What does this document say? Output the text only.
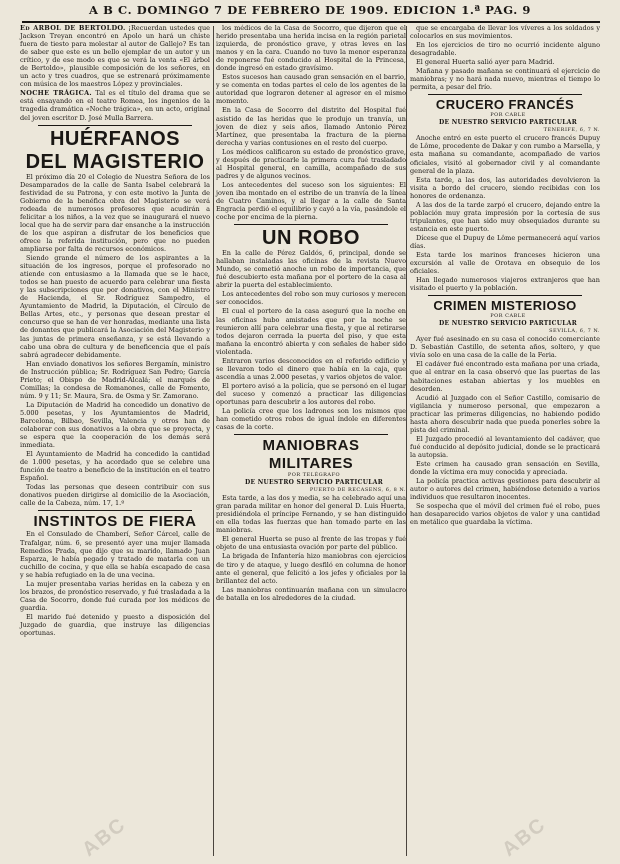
A B C. DOMINGO 7 DE FEBRERO DE 1909. EDICION 1.ª PAG. 9

Ed ARBOL DE BERTOLDO. ¡Recuerdan ustedes que Jackson Treyan encontró en Apolo un hará un chiste fuera de tiesto para molestar al autor de Gallejo? Es tan de saber que este es un bello ejemplar de un autor y un crítico, y de ese modo es que se verá la venta «El árbol de Bertoldo», plausible composición de los señores, en un acto y tres cuadros, que se estrenará próximamente con música de los maestros López y provinciales.

NOCHE TRÁGICA. Tal es el título del drama que se está ensayando en el teatro Romea, los ingenios de la tragedia dramática «Noche trágica», en un acto, original del joven escritor D. José Mulla Barrera.

HUÉRFANOS
DEL MAGISTERIO

El próximo día 20 el Colegio de Nuestra Señora de los Desamparados de la calle de Santa Isabel celebrará la festividad de su Patrona, y con este motivo la Junta de Gobierno de la benéfica obra del Magisterio se verá rodeada de numerosos profesores que acudirán a felicitar a los niños, a la vez que se inaugurará el nuevo local que ha de servir para dar ensanche a la instrucción de los que aspiran a disfrutar de los beneficios que ofrece la referida institución, pero que no pueden ampliarse por falta de recursos económicos.

Siendo grande el número de los aspirantes a la situación de los ingresos, porque el profesorado no atiende con entusiasmo a la llamada que se le hace, todos se han puesto de acuerdo para celebrar una fiesta y las subscripciones que por donativos, con el Ministro de Hacienda, el Sr. Rodríguez Sampedro, el Ayuntamiento de Madrid, la Diputación, el Círculo de Bellas Artes, etc., y personas que desean prestar el concurso que se han de ver honradas, mediante una lista de donantes que publicará la Asociación del Magisterio y las juntas de primera enseñanza, y se está llevando a cabo una obra de cultura y de beneficencia que el país sabrá agradecer debidamente.

Han enviado donativos los señores Bergamín, ministro de Instrucción pública; Sr. Rodríguez San Pedro; García Prieto; el Obispo de Madrid-Alcalá; el marqués de Comillas; la condesa de Romanones, calle de Fomento, núm. 9 y 11; Sr. Maura, Sra. de Osma y Sr. Zamorano.

La Diputación de Madrid ha concedido un donativo de 5.000 pesetas, y los Ayuntamientos de Madrid, Barcelona, Bilbao, Sevilla, Valencia y otros han de colaborar con sus donativos a la obra que se proyecta, y se espera que la cooperación de los demás será inmediata.

El Ayuntamiento de Madrid ha concedido la cantidad de 1.000 pesetas, y ha acordado que se celebre una función de teatro a beneficio de la institución en el teatro Español.

Todas las personas que deseen contribuir con sus donativos pueden dirigirse al domicilio de la Asociación, calle de la Cabeza, núm. 17, 1.º

INSTINTOS DE FIERA

En el Consulado de Chamberí, Señor Cárcel, calle de Trafalgar, núm. 6, se presentó ayer una mujer llamada Remedios Prada, que dijo que su marido, llamado Juan Esparza, le había pegado y tratado de matarla con un cuchillo de cocina, y que ella se había escapado de casa y se había refugiado en la de una vecina.

La mujer presentaba varias heridas en la cabeza y en los brazos, de pronóstico reservado, y fué trasladada a la Casa de Socorro, donde fué curada por los médicos de guardia.

El marido fué detenido y puesto a disposición del Juzgado de guardia, que instruye las diligencias oportunas.

los médicos de la Casa de Socorro, que dijeron que el herido presentaba una herida incisa en la región parietal izquierda, de pronóstico grave, y otras leves en las manos y en la cara. Cuando no tuvo la menor esperanza de reponerse fué conducido al Hospital de la Princesa, donde ingresó en estado gravísimo.

Estos sucesos han causado gran sensación en el barrio, y se comenta en todas partes el celo de los agentes de la autoridad que lograron detener al agresor en el mismo momento.

En la Casa de Socorro del distrito del Hospital fué asistido de las heridas que le produjo un tranvía, un joven de diez y seis años, llamado Antonio Pérez Martínez, que presentaba la fractura de la pierna derecha y varias contusiones en el resto del cuerpo.

Los médicos calificaron su estado de pronóstico grave, y después de practicarle la primera cura fué trasladado al Hospital general, en camilla, acompañado de sus padres y de algunos vecinos.

Los antecedentes del suceso son los siguientes: El joven iba montado en el estribo de un tranvía de la línea de Cuatro Caminos, y al llegar a la calle de Santa Engracia perdió el equilibrio y cayó a la vía, pasándole el coche por encima de la pierna.

UN ROBO

En la calle de Pérez Galdós, 6, principal, donde se hallaban instaladas las oficinas de la revista Nuevo Mundo, se cometió anoche un robo de importancia, que fué descubierto esta mañana por el portero de la casa al abrir la puerta del establecimiento.

Los antecedentes del robo son muy curiosos y merecen ser conocidos.

El cual el portero de la casa aseguró que la noche en las oficinas hubo amistades que por la noche se reunieron allí para celebrar una fiesta, y que al retirarse todos dejaron cerrada la puerta del piso, y que esta mañana la encontró abierta y con señales de haber sido violentada.

Entraron varios desconocidos en el referido edificio y se llevaron todo el dinero que había en la caja, que ascendía a unas 2.000 pesetas, y varios objetos de valor.

El portero avisó a la policía, que se personó en el lugar del suceso y comenzó a practicar las diligencias oportunas para descubrir a los autores del robo.

La policía cree que los ladrones son los mismos que han cometido otros robos de igual índole en diferentes casas de la corte.

MANIOBRAS
MILITARES

POR TELÉGRAFO

DE NUESTRO SERVICIO PARTICULAR

PUERTO DE RECASENS, 6, 8 N.

Esta tarde, a las dos y media, se ha celebrado aquí una gran parada militar en honor del general D. Luis Huerta, presidiéndola el príncipe Fernando, y se han distinguido en ella todas las fuerzas que han tomado parte en las maniobras.

El general Huerta se puso al frente de las tropas y fué objeto de una entusiasta ovación por parte del público.

La brigada de Infantería hizo maniobras con ejercicios de tiro y de ataque, y luego desfiló en columna de honor ante el general, que felicitó a los jefes y oficiales por la brillantez del acto.

Las maniobras continuarán mañana con un simulacro de batalla en los alrededores de la ciudad.

que se encargaba de llevar los víveres a los soldados y colocarlos en sus movimientos.

En los ejercicios de tiro no ocurrió incidente alguno desagradable.

El general Huerta salió ayer para Madrid.

Mañana y pasado mañana se continuará el ejercicio de maniobras; y no hará nada nuevo, mientras el tiempo lo permita, a pesar del frío.

CRUCERO FRANCÉS

POR CABLE

DE NUESTRO SERVICIO PARTICULAR

TENERIFE, 6, 7 N.

Anoche entró en este puerto el crucero francés Dupuy de Lôme, procedente de Dakar y con rumbo a Marsella, y esta mañana su comandante, acompañado de varios oficiales, visitó al gobernador civil y al comandante general de la plaza.

Esta tarde, a las dos, las autoridades devolvieron la visita a bordo del crucero, siendo recibidas con los honores de ordenanza.

A las dos de la tarde zarpó el crucero, dejando entre la población muy grata impresión por la cortesía de sus tripulantes, que han sido muy obsequiados durante su estancia en este puerto.

Dícese que el Dupuy de Lôme permanecerá aquí varios días.

Esta tarde los marinos franceses hicieron una excursión al valle de Orotava en obsequio de los oficiales.

Han llegado numerosos viajeros extranjeros que han visitado el puerto y la población.

CRIMEN MISTERIOSO

POR CABLE

DE NUESTRO SERVICIO PARTICULAR

SEVILLA, 6, 7 N.

Ayer fué asesinado en su casa el conocido comerciante D. Sebastián Castillo, de setenta años, soltero, y que vivía solo en una casa de la calle de la Feria.

El cadáver fué encontrado esta mañana por una criada, que al entrar en la casa observó que las puertas de las habitaciones estaban abiertas y los muebles en desorden.

Acudió al Juzgado con el Señor Castillo, comisario de vigilancia y numeroso personal, que empezaron a practicar las primeras diligencias, no habiendo podido hasta ahora descubrir nada que pueda ponerles sobre la pista del criminal.

El Juzgado procedió al levantamiento del cadáver, que fué conducido al depósito judicial, donde se le practicará la autopsia.

Este crimen ha causado gran sensación en Sevilla, donde la víctima era muy conocida y apreciada.

La policía practica activas gestiones para descubrir al autor o autores del crimen, habiéndose detenido a varios individuos que resultaron inocentes.

Se sospecha que el móvil del crimen fué el robo, pues han desaparecido varios objetos de valor y una cantidad en metálico que guardaba la víctima.

ABC	ABC
